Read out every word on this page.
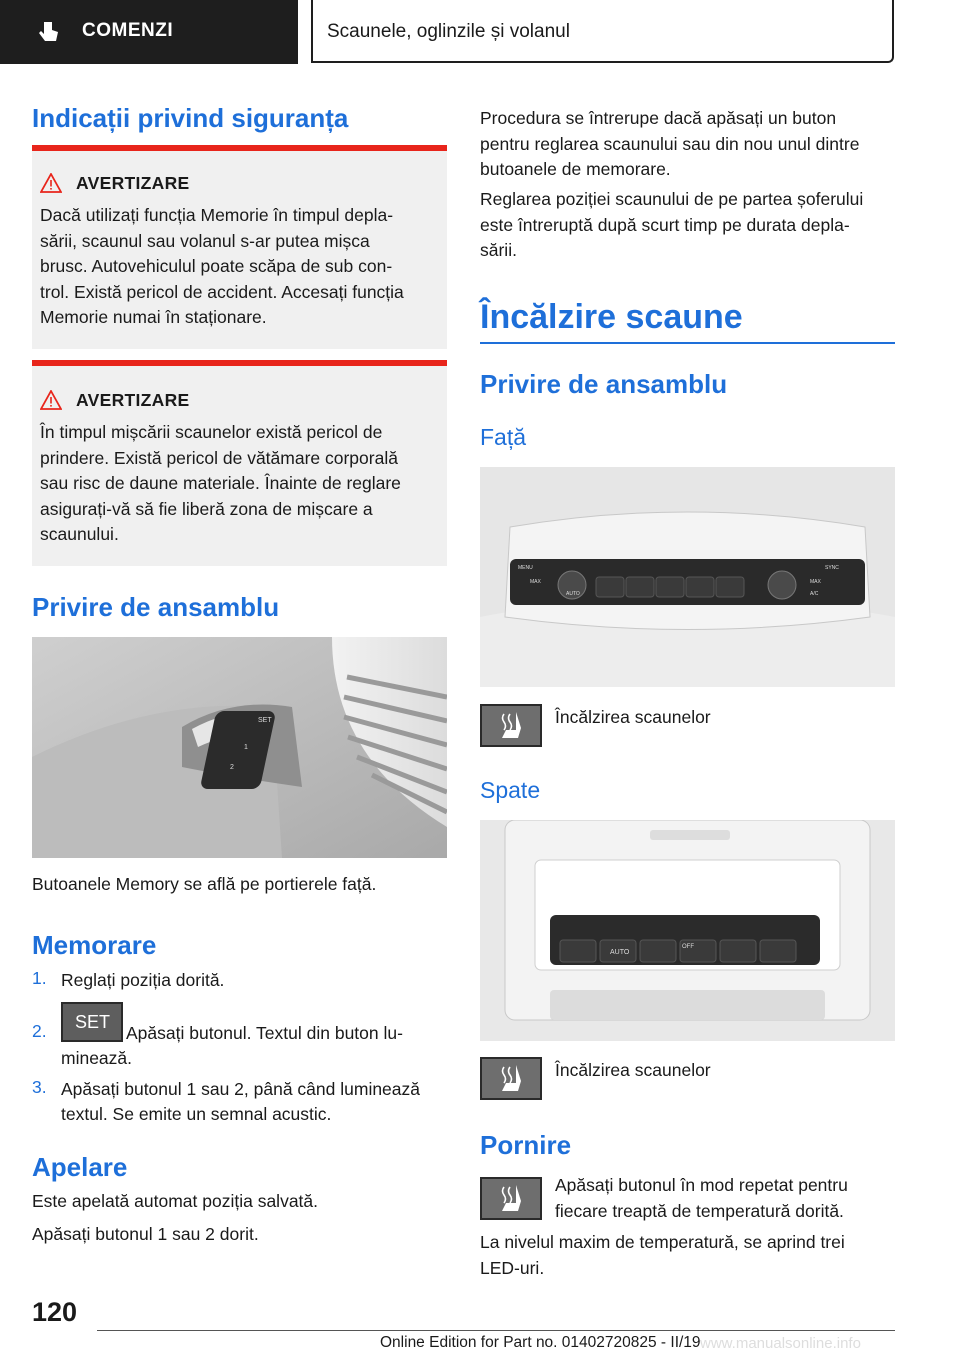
COMENZI	Scaunele, oglinzile și volanul
Indicații privind siguranța
AVERTIZARE
Dacă utilizați funcția Memorie în timpul depla-
sării, scaunul sau volanul s-ar putea mișca
brusc. Autovehiculul poate scăpa de sub con-
trol. Există pericol de accident. Accesați funcția
Memorie numai în staționare.
AVERTIZARE
În timpul mișcării scaunelor există pericol de
prindere. Există pericol de vătămare corporală
sau risc de daune materiale. Înainte de reglare
asigurați-vă să fie liberă zona de mișcare a
scaunului.
Privire de ansamblu
SET
1
2
Butoanele Memory se află pe portierele față.
Memorare
1. Reglați poziția dorită.
2. SET
Apăsați butonul. Textul din buton lu-
minează.
3. Apăsați butonul 1 sau 2, până când luminează
textul. Se emite un semnal acustic.
Apelare
Este apelată automat poziția salvată.
Apăsați butonul 1 sau 2 dorit.
Procedura se întrerupe dacă apăsați un buton
pentru reglarea scaunului sau din nou unul dintre
butoanele de memorare.
Reglarea poziției scaunului de pe partea șoferului
este întreruptă după scurt timp pe durata depla-
sării.
Încălzire scaune
Privire de ansamblu
Față
MENU
MAX
AUTO
MAX
A/C
SYNC
Încălzirea scaunelor
Spate
AUTO
OFF
Încălzirea scaunelor
Pornire
Apăsați butonul în mod repetat pentru
fiecare treaptă de temperatură dorită.
La nivelul maxim de temperatură, se aprind trei
LED-uri.
120
Online Edition for Part no. 01402720825 - II/19 www.manualsonline.info
